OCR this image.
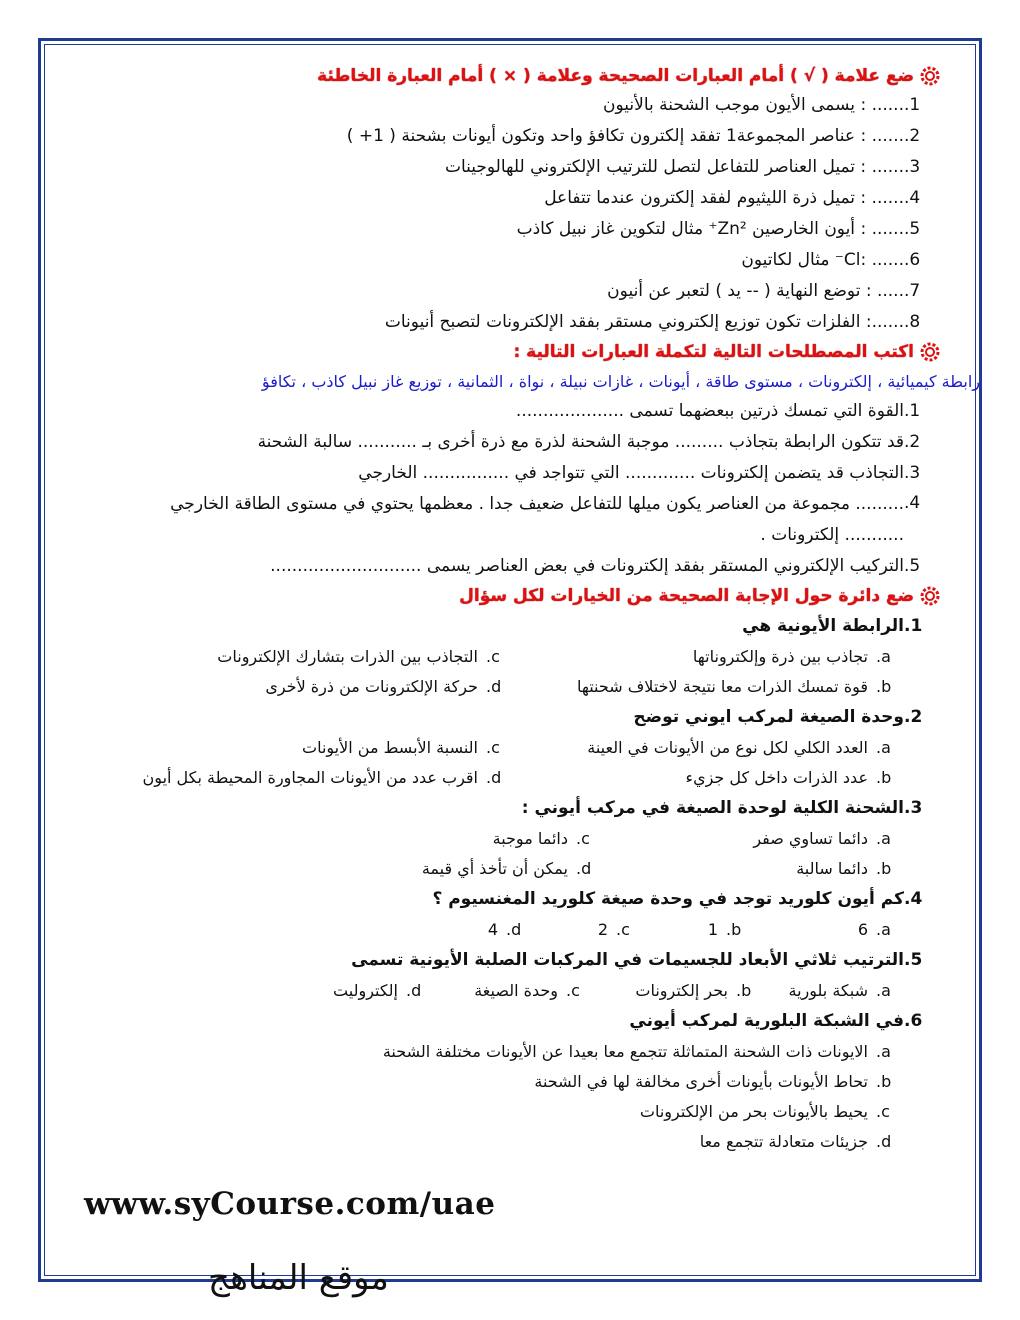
ضع علامة ( √ ) أمام العبارات الصحيحة وعلامة ( × ) أمام العبارة الخاطئة
1.
...... : يسمى الأيون موجب الشحنة بالأنيون
2.
...... : عناصر المجموعة1 تفقد إلكترون تكافؤ واحد وتكون أيونات بشحنة ( 1+ )
3.
...... : تميل العناصر للتفاعل لتصل للترتيب الإلكتروني للهالوجينات
4.
...... : تميل ذرة الليثيوم لفقد إلكترون عندما تتفاعل
5.
...... : أيون الخارصين Zn²⁺ مثال لتكوين غاز نبيل كاذب
6.
...... :Cl⁻ مثال لكاتيون
7.
..... : توضع النهاية ( -- يد ) لتعبر عن أنيون
8.
......: الفلزات تكون توزيع إلكتروني مستقر بفقد الإلكترونات لتصبح أنيونات
اكتب المصطلحات التالية لتكملة العبارات التالية :
رابطة كيميائية ، إلكترونات ، مستوى طاقة ، أيونات ، غازات نبيلة ، نواة ، الثمانية ، توزيع غاز نبيل كاذب ، تكافؤ
1.
القوة التي تمسك ذرتين ببعضهما تسمى ....................
2.
قد تتكون الرابطة بتجاذب ......... موجبة الشحنة لذرة مع ذرة أخرى بـ ........... سالبة الشحنة
3.
التجاذب قد يتضمن إلكترونات ............. التي تتواجد في ................ الخارجي
4.
......... مجموعة من العناصر يكون ميلها للتفاعل ضعيف جدا . معظمها يحتوي في مستوى الطاقة الخارجي ........... إلكترونات .
5.
التركيب الإلكتروني المستقر بفقد إلكترونات في بعض العناصر يسمى ............................
ضع دائرة حول الإجابة الصحيحة من الخيارات لكل سؤال
1.
الرابطة الأيونية هي
a.
تجاذب بين ذرة وإلكتروناتها
c.
التجاذب بين الذرات بتشارك الإلكترونات
b.
قوة تمسك الذرات معا نتيجة لاختلاف شحنتها
d.
حركة الإلكترونات من ذرة لأخرى
2.
وحدة الصيغة لمركب ايوني توضح
a.
العدد الكلي لكل نوع من الأيونات في العينة
c.
النسبة الأبسط من الأيونات
b.
عدد الذرات داخل كل جزيء
d.
اقرب عدد من الأيونات المجاورة المحيطة بكل أيون
3.
الشحنة الكلية لوحدة الصيغة في مركب أيوني :
a.
دائما تساوي صفر
c.
دائما موجبة
b.
دائما سالبة
d.
يمكن أن تأخذ أي قيمة
4.
كم أيون كلوريد توجد في وحدة صيغة كلوريد المغنسيوم ؟
a.
6
b.
1
c.
2
d.
4
5.
الترتيب ثلاثي الأبعاد للجسيمات في المركبات الصلبة الأيونية تسمى
a.
شبكة بلورية
b.
بحر إلكترونات
c.
وحدة الصيغة
d.
إلكتروليت
6.
في الشبكة البلورية لمركب أيوني
a.
الايونات ذات الشحنة المتماثلة تتجمع معا بعيدا عن الأيونات مختلفة الشحنة
b.
تحاط الأيونات بأيونات أخرى مخالفة لها في الشحنة
c.
يحيط بالأيونات بحر من الإلكترونات
d.
جزيئات متعادلة تتجمع معا
www.syCourse.com/uae
موقع المناهج
